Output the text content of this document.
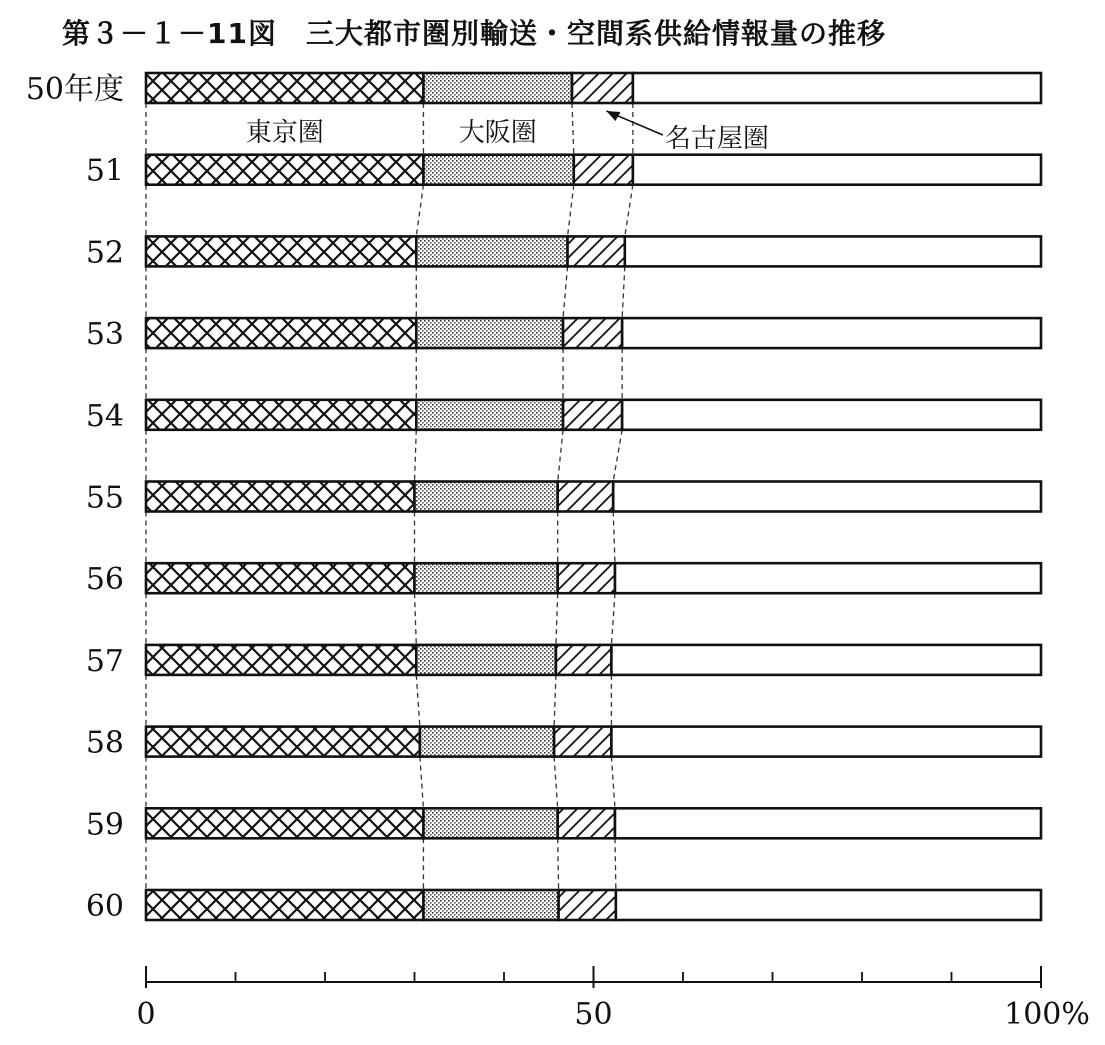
第３－１－11図　三大都市圏別輸送・空間系供給情報量の推移
50年度
51
52
53
54
55
56
57
58
59
60
東京圏	大阪圏	名古屋圏
0	50	100%
